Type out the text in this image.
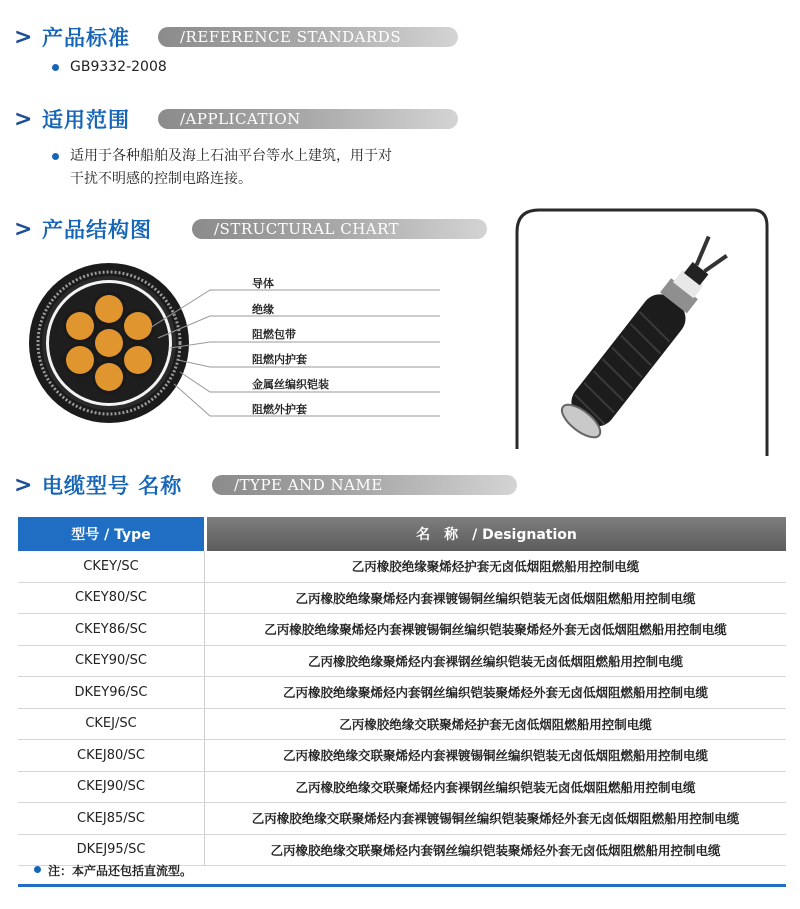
> 产品标准	/REFERENCE STANDARDS
GB9332-2008
> 适用范围	/APPLICATION
适用于各种船舶及海上石油平台等水上建筑，用于对
干扰不明感的控制电路连接。
> 产品结构图	/STRUCTURAL CHART
导体
绝缘
阻燃包带
阻燃内护套
金属丝编织铠装
阻燃外护套
> 电缆型号 名称	/TYPE AND NAME
型号 / Type	名　称　/ Designation
CKEY/SC	乙丙橡胶绝缘聚烯烃护套无卤低烟阻燃船用控制电缆
CKEY80/SC	乙丙橡胶绝缘聚烯烃内套裸镀锡铜丝编织铠装无卤低烟阻燃船用控制电缆
CKEY86/SC	乙丙橡胶绝缘聚烯烃内套裸镀锡铜丝编织铠装聚烯烃外套无卤低烟阻燃船用控制电缆
CKEY90/SC	乙丙橡胶绝缘聚烯烃内套裸钢丝编织铠装无卤低烟阻燃船用控制电缆
DKEY96/SC	乙丙橡胶绝缘聚烯烃内套钢丝编织铠装聚烯烃外套无卤低烟阻燃船用控制电缆
CKEJ/SC	乙丙橡胶绝缘交联聚烯烃护套无卤低烟阻燃船用控制电缆
CKEJ80/SC	乙丙橡胶绝缘交联聚烯烃内套裸镀锡铜丝编织铠装无卤低烟阻燃船用控制电缆
CKEJ90/SC	乙丙橡胶绝缘交联聚烯烃内套裸钢丝编织铠装无卤低烟阻燃船用控制电缆
CKEJ85/SC	乙丙橡胶绝缘交联聚烯烃内套裸镀锡铜丝编织铠装聚烯烃外套无卤低烟阻燃船用控制电缆
DKEJ95/SC	乙丙橡胶绝缘交联聚烯烃内套钢丝编织铠装聚烯烃外套无卤低烟阻燃船用控制电缆
注：本产品还包括直流型。
